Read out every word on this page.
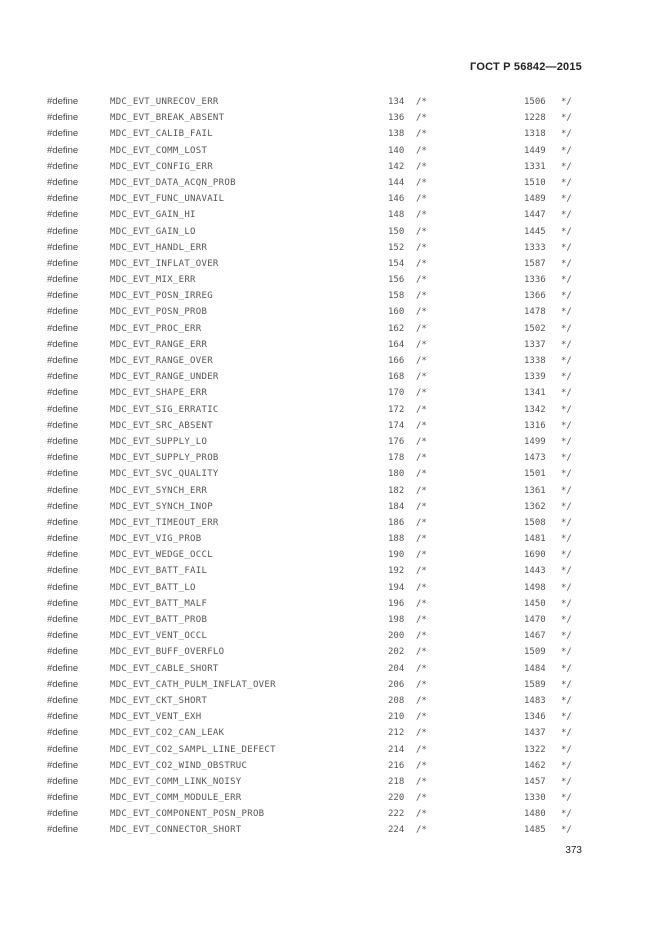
ГОСТ Р 56842—2015
#define	MDC_EVT_UNRECOV_ERR	134 /*	1506 */
#define	MDC_EVT_BREAK_ABSENT	136 /*	1228 */
#define	MDC_EVT_CALIB_FAIL	138 /*	1318 */
#define	MDC_EVT_COMM_LOST	140 /*	1449 */
#define	MDC_EVT_CONFIG_ERR	142 /*	1331 */
#define	MDC_EVT_DATA_ACQN_PROB	144 /*	1510 */
#define	MDC_EVT_FUNC_UNAVAIL	146 /*	1489 */
#define	MDC_EVT_GAIN_HI	148 /*	1447 */
#define	MDC_EVT_GAIN_LO	150 /*	1445 */
#define	MDC_EVT_HANDL_ERR	152 /*	1333 */
#define	MDC_EVT_INFLAT_OVER	154 /*	1587 */
#define	MDC_EVT_MIX_ERR	156 /*	1336 */
#define	MDC_EVT_POSN_IRREG	158 /*	1366 */
#define	MDC_EVT_POSN_PROB	160 /*	1478 */
#define	MDC_EVT_PROC_ERR	162 /*	1502 */
#define	MDC_EVT_RANGE_ERR	164 /*	1337 */
#define	MDC_EVT_RANGE_OVER	166 /*	1338 */
#define	MDC_EVT_RANGE_UNDER	168 /*	1339 */
#define	MDC_EVT_SHAPE_ERR	170 /*	1341 */
#define	MDC_EVT_SIG_ERRATIC	172 /*	1342 */
#define	MDC_EVT_SRC_ABSENT	174 /*	1316 */
#define	MDC_EVT_SUPPLY_LO	176 /*	1499 */
#define	MDC_EVT_SUPPLY_PROB	178 /*	1473 */
#define	MDC_EVT_SVC_QUALITY	180 /*	1501 */
#define	MDC_EVT_SYNCH_ERR	182 /*	1361 */
#define	MDC_EVT_SYNCH_INOP	184 /*	1362 */
#define	MDC_EVT_TIMEOUT_ERR	186 /*	1508 */
#define	MDC_EVT_VIG_PROB	188 /*	1481 */
#define	MDC_EVT_WEDGE_OCCL	190 /*	1690 */
#define	MDC_EVT_BATT_FAIL	192 /*	1443 */
#define	MDC_EVT_BATT_LO	194 /*	1498 */
#define	MDC_EVT_BATT_MALF	196 /*	1450 */
#define	MDC_EVT_BATT_PROB	198 /*	1470 */
#define	MDC_EVT_VENT_OCCL	200 /*	1467 */
#define	MDC_EVT_BUFF_OVERFLO	202 /*	1509 */
#define	MDC_EVT_CABLE_SHORT	204 /*	1484 */
#define	MDC_EVT_CATH_PULM_INFLAT_OVER	206 /*	1589 */
#define	MDC_EVT_CKT_SHORT	208 /*	1483 */
#define	MDC_EVT_VENT_EXH	210 /*	1346 */
#define	MDC_EVT_CO2_CAN_LEAK	212 /*	1437 */
#define	MDC_EVT_CO2_SAMPL_LINE_DEFECT	214 /*	1322 */
#define	MDC_EVT_CO2_WIND_OBSTRUC	216 /*	1462 */
#define	MDC_EVT_COMM_LINK_NOISY	218 /*	1457 */
#define	MDC_EVT_COMM_MODULE_ERR	220 /*	1330 */
#define	MDC_EVT_COMPONENT_POSN_PROB	222 /*	1480 */
#define	MDC_EVT_CONNECTOR_SHORT	224 /*	1485 */
373
